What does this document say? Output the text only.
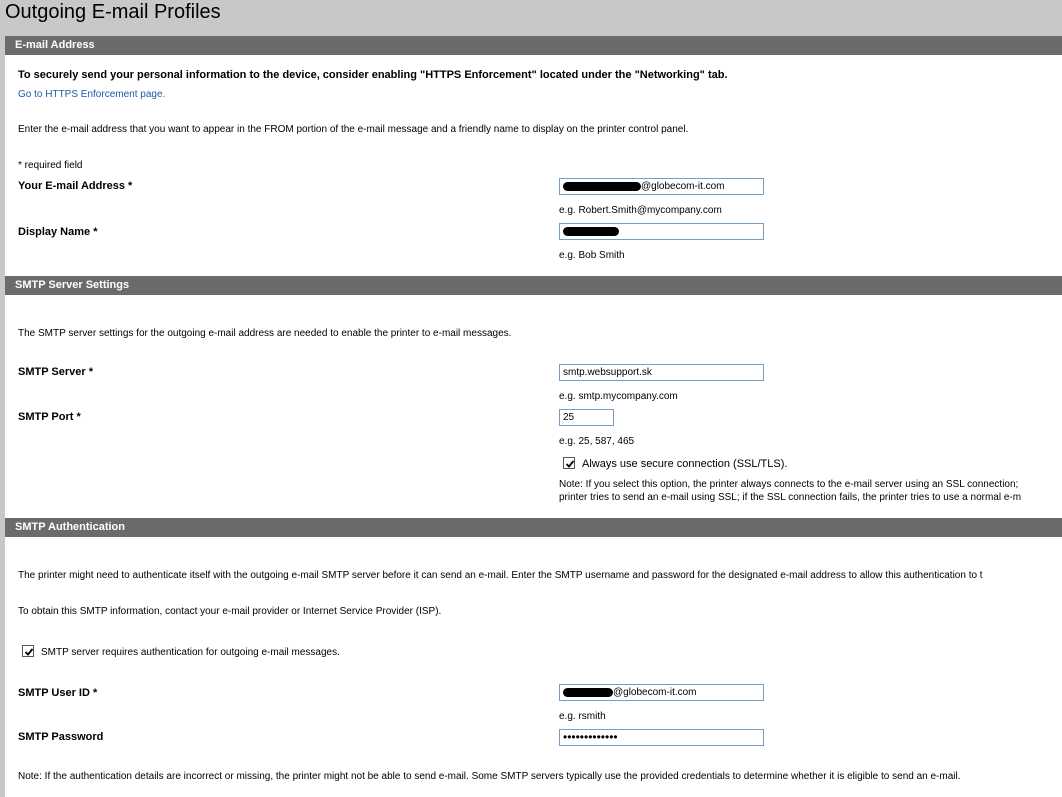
Outgoing E-mail Profiles
E-mail Address
To securely send your personal information to the device, consider enabling "HTTPS Enforcement" located under the "Networking" tab.
Go to HTTPS Enforcement page.
Enter the e-mail address that you want to appear in the FROM portion of the e-mail message and a friendly name to display on the printer control panel.
* required field
Your E-mail Address *	@globecom-it.com
e.g. Robert.Smith@mycompany.com
Display Name *
e.g. Bob Smith
SMTP Server Settings
The SMTP server settings for the outgoing e-mail address are needed to enable the printer to e-mail messages.
SMTP Server *	smtp.websupport.sk
e.g. smtp.mycompany.com
SMTP Port *	25
e.g. 25, 587, 465
Always use secure connection (SSL/TLS).
Note: If you select this option, the printer always connects to the e-mail server using an SSL connection;
printer tries to send an e-mail using SSL; if the SSL connection fails, the printer tries to use a normal e-m
SMTP Authentication
The printer might need to authenticate itself with the outgoing e-mail SMTP server before it can send an e-mail. Enter the SMTP username and password for the designated e-mail address to allow this authentication to t
To obtain this SMTP information, contact your e-mail provider or Internet Service Provider (ISP).
SMTP server requires authentication for outgoing e-mail messages.
SMTP User ID *	@globecom-it.com
e.g. rsmith
SMTP Password	•••••••••••••
Note: If the authentication details are incorrect or missing, the printer might not be able to send e-mail. Some SMTP servers typically use the provided credentials to determine whether it is eligible to send an e-mail.
